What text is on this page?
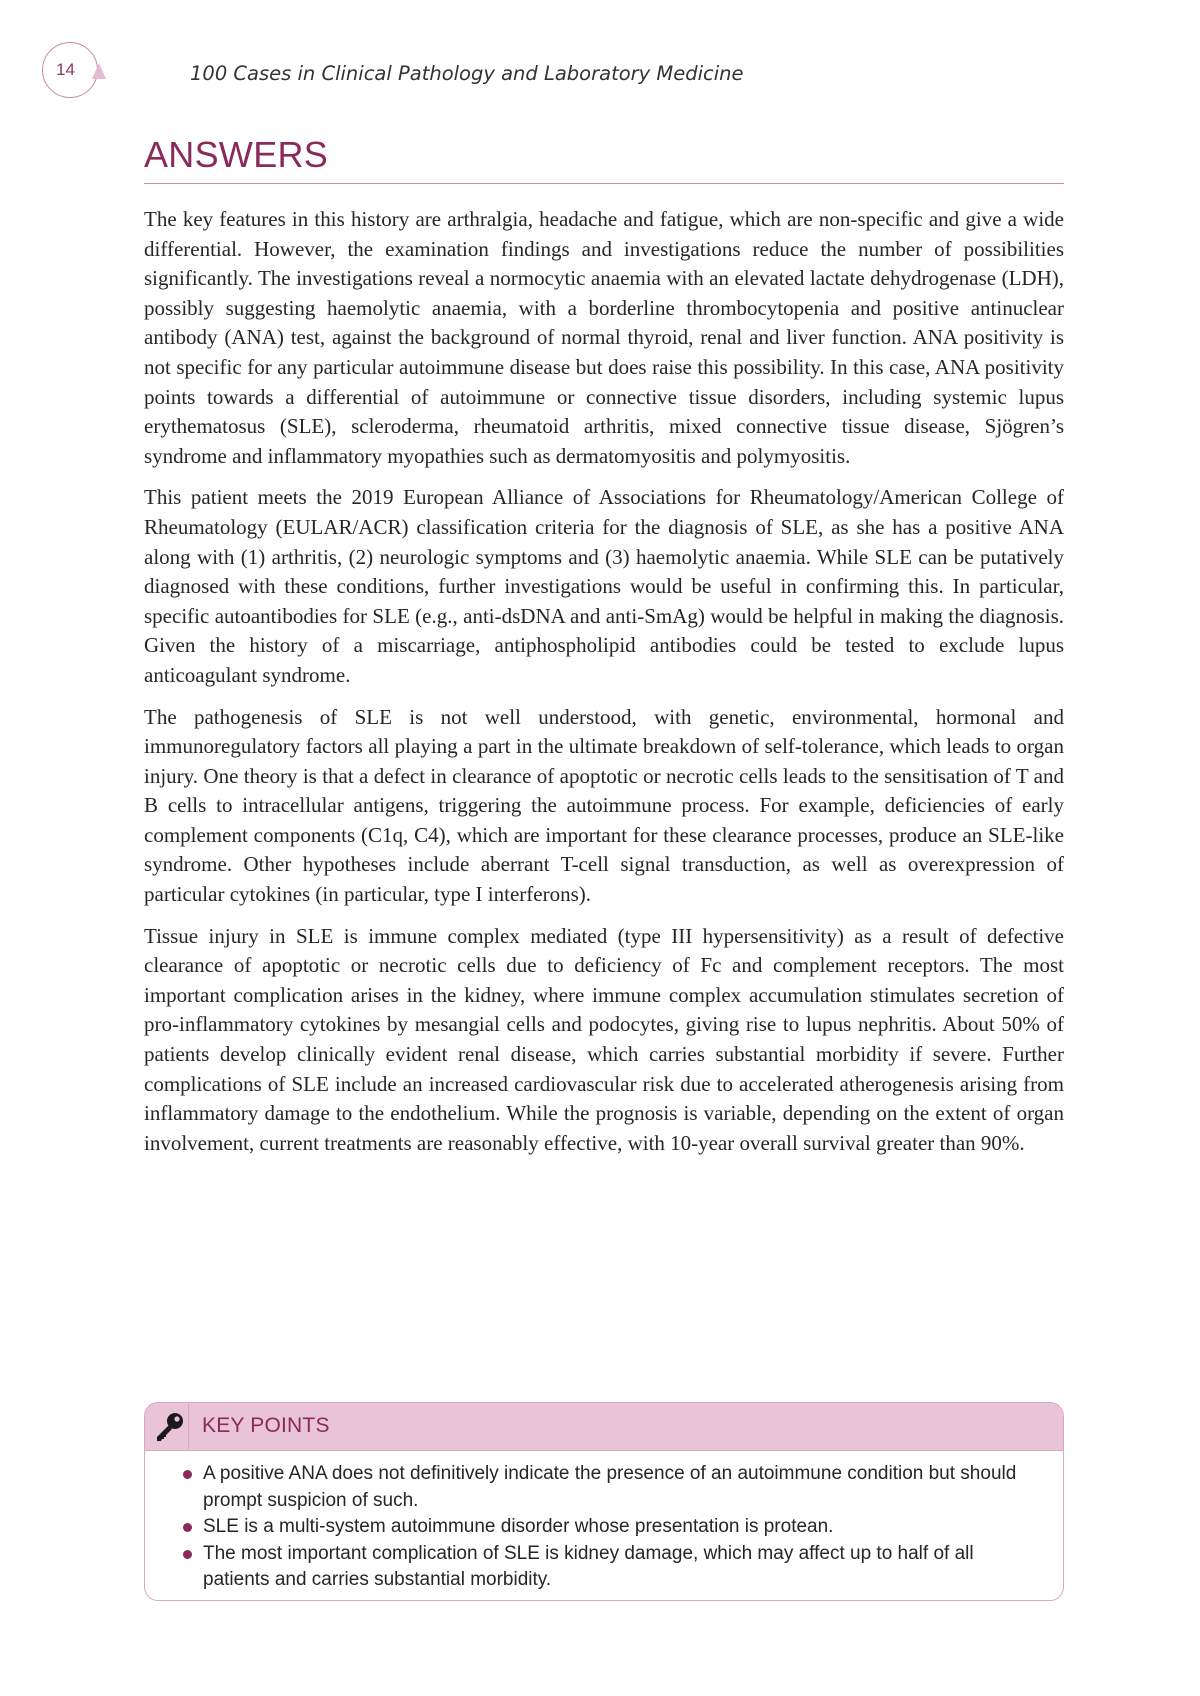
14	100 Cases in Clinical Pathology and Laboratory Medicine
ANSWERS

The key features in this history are arthralgia, headache and fatigue, which are non-specific and give a wide differential. However, the examination findings and investigations reduce the number of possibilities significantly. The investigations reveal a normocytic anaemia with an elevated lactate dehydrogenase (LDH), possibly suggesting haemolytic anaemia, with a borderline thrombocytopenia and positive antinuclear antibody (ANA) test, against the background of normal thyroid, renal and liver function. ANA positivity is not specific for any particular autoimmune disease but does raise this possibility. In this case, ANA positivity points towards a differential of autoimmune or connective tissue disorders, including systemic lupus erythematosus (SLE), scleroderma, rheumatoid arthritis, mixed connective tissue disease, Sjögren’s syndrome and inflammatory myopathies such as dermatomyositis and polymyositis.

This patient meets the 2019 European Alliance of Associations for Rheumatology/American College of Rheumatology (EULAR/ACR) classification criteria for the diagnosis of SLE, as she has a positive ANA along with (1) arthritis, (2) neurologic symptoms and (3) haemolytic anaemia. While SLE can be putatively diagnosed with these conditions, further investigations would be useful in confirming this. In particular, specific autoantibodies for SLE (e.g., anti-dsDNA and anti-SmAg) would be helpful in making the diagnosis. Given the history of a miscarriage, antiphospholipid antibodies could be tested to exclude lupus anticoagulant syndrome.

The pathogenesis of SLE is not well understood, with genetic, environmental, hormonal and immunoregulatory factors all playing a part in the ultimate breakdown of self-tolerance, which leads to organ injury. One theory is that a defect in clearance of apoptotic or necrotic cells leads to the sensitisation of T and B cells to intracellular antigens, triggering the autoimmune process. For example, deficiencies of early complement components (C1q, C4), which are important for these clearance processes, produce an SLE-like syndrome. Other hypotheses include aberrant T-cell signal transduction, as well as overexpression of particular cytokines (in particular, type I interferons).

Tissue injury in SLE is immune complex mediated (type III hypersensitivity) as a result of defective clearance of apoptotic or necrotic cells due to deficiency of Fc and complement receptors. The most important complication arises in the kidney, where immune complex accumulation stimulates secretion of pro-inflammatory cytokines by mesangial cells and podocytes, giving rise to lupus nephritis. About 50% of patients develop clinically evident renal disease, which carries substantial morbidity if severe. Further complications of SLE include an increased cardiovascular risk due to accelerated atherogenesis arising from inflammatory damage to the endothelium. While the prognosis is variable, depending on the extent of organ involvement, current treatments are reasonably effective, with 10-year overall survival greater than 90%.

KEY POINTS
A positive ANA does not definitively indicate the presence of an autoimmune condition but should prompt suspicion of such.
SLE is a multi-system autoimmune disorder whose presentation is protean.
The most important complication of SLE is kidney damage, which may affect up to half of all patients and carries substantial morbidity.
